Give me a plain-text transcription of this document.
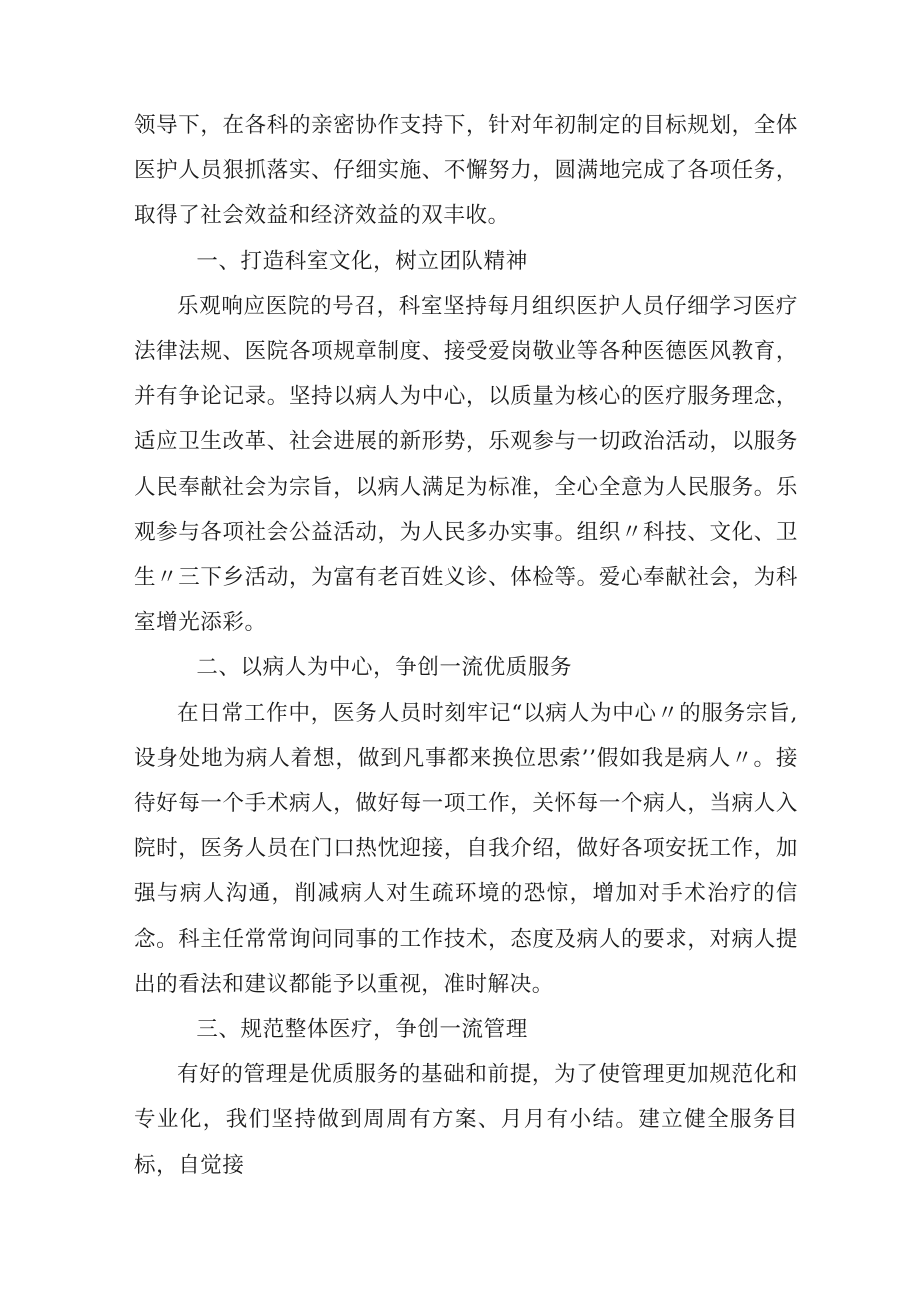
领导下，在各科的亲密协作支持下，针对年初制定的目标规划，全体医护人员狠抓落实、仔细实施、不懈努力，圆满地完成了各项任务，取得了社会效益和经济效益的双丰收。

一、打造科室文化，树立团队精神

乐观响应医院的号召，科室坚持每月组织医护人员仔细学习医疗法律法规、医院各项规章制度、接受爱岗敬业等各种医德医风教育，并有争论记录。坚持以病人为中心，以质量为核心的医疗服务理念，适应卫生改革、社会进展的新形势，乐观参与一切政治活动，以服务人民奉献社会为宗旨，以病人满足为标准，全心全意为人民服务。乐观参与各项社会公益活动，为人民多办实事。组织〃科技、文化、卫生〃三下乡活动，为富有老百姓义诊、体检等。爱心奉献社会，为科室增光添彩。

二、以病人为中心，争创一流优质服务

在日常工作中，医务人员时刻牢记“以病人为中心〃的服务宗旨,设身处地为病人着想，做到凡事都来换位思索’’假如我是病人〃。接待好每一个手术病人，做好每一项工作，关怀每一个病人，当病人入院时，医务人员在门口热忱迎接，自我介绍，做好各项安抚工作，加强与病人沟通，削减病人对生疏环境的恐惊，增加对手术治疗的信念。科主任常常询问同事的工作技术，态度及病人的要求，对病人提出的看法和建议都能予以重视，准时解决。

三、规范整体医疗，争创一流管理

有好的管理是优质服务的基础和前提，为了使管理更加规范化和专业化，我们坚持做到周周有方案、月月有小结。建立健全服务目标，自觉接
